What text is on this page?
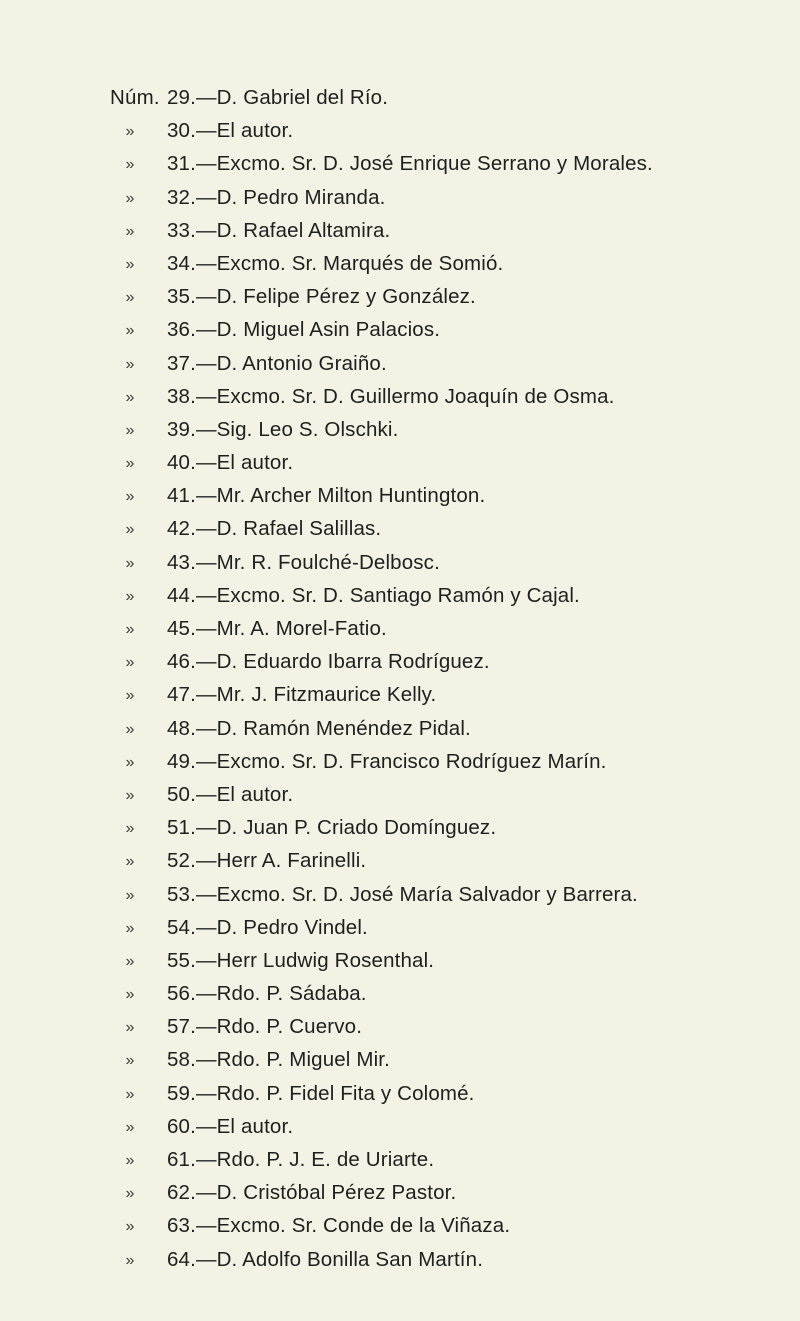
Núm. 29.—D. Gabriel del Río.
»	30.—El autor.
»	31.—Excmo. Sr. D. José Enrique Serrano y Morales.
»	32.—D. Pedro Miranda.
»	33.—D. Rafael Altamira.
»	34.—Excmo. Sr. Marqués de Somió.
»	35.—D. Felipe Pérez y González.
»	36.—D. Miguel Asin Palacios.
»	37.—D. Antonio Graiño.
»	38.—Excmo. Sr. D. Guillermo Joaquín de Osma.
»	39.—Sig. Leo S. Olschki.
»	40.—El autor.
»	41.—Mr. Archer Milton Huntington.
»	42.—D. Rafael Salillas.
»	43.—Mr. R. Foulché-Delbosc.
»	44.—Excmo. Sr. D. Santiago Ramón y Cajal.
»	45.—Mr. A. Morel-Fatio.
»	46.—D. Eduardo Ibarra Rodríguez.
»	47.—Mr. J. Fitzmaurice Kelly.
»	48.—D. Ramón Menéndez Pidal.
»	49.—Excmo. Sr. D. Francisco Rodríguez Marín.
»	50.—El autor.
»	51.—D. Juan P. Criado Domínguez.
»	52.—Herr A. Farinelli.
»	53.—Excmo. Sr. D. José María Salvador y Barrera.
»	54.—D. Pedro Vindel.
»	55.—Herr Ludwig Rosenthal.
»	56.—Rdo. P. Sádaba.
»	57.—Rdo. P. Cuervo.
»	58.—Rdo. P. Miguel Mir.
»	59.—Rdo. P. Fidel Fita y Colomé.
»	60.—El autor.
»	61.—Rdo. P. J. E. de Uriarte.
»	62.—D. Cristóbal Pérez Pastor.
»	63.—Excmo. Sr. Conde de la Viñaza.
»	64.—D. Adolfo Bonilla San Martín.
